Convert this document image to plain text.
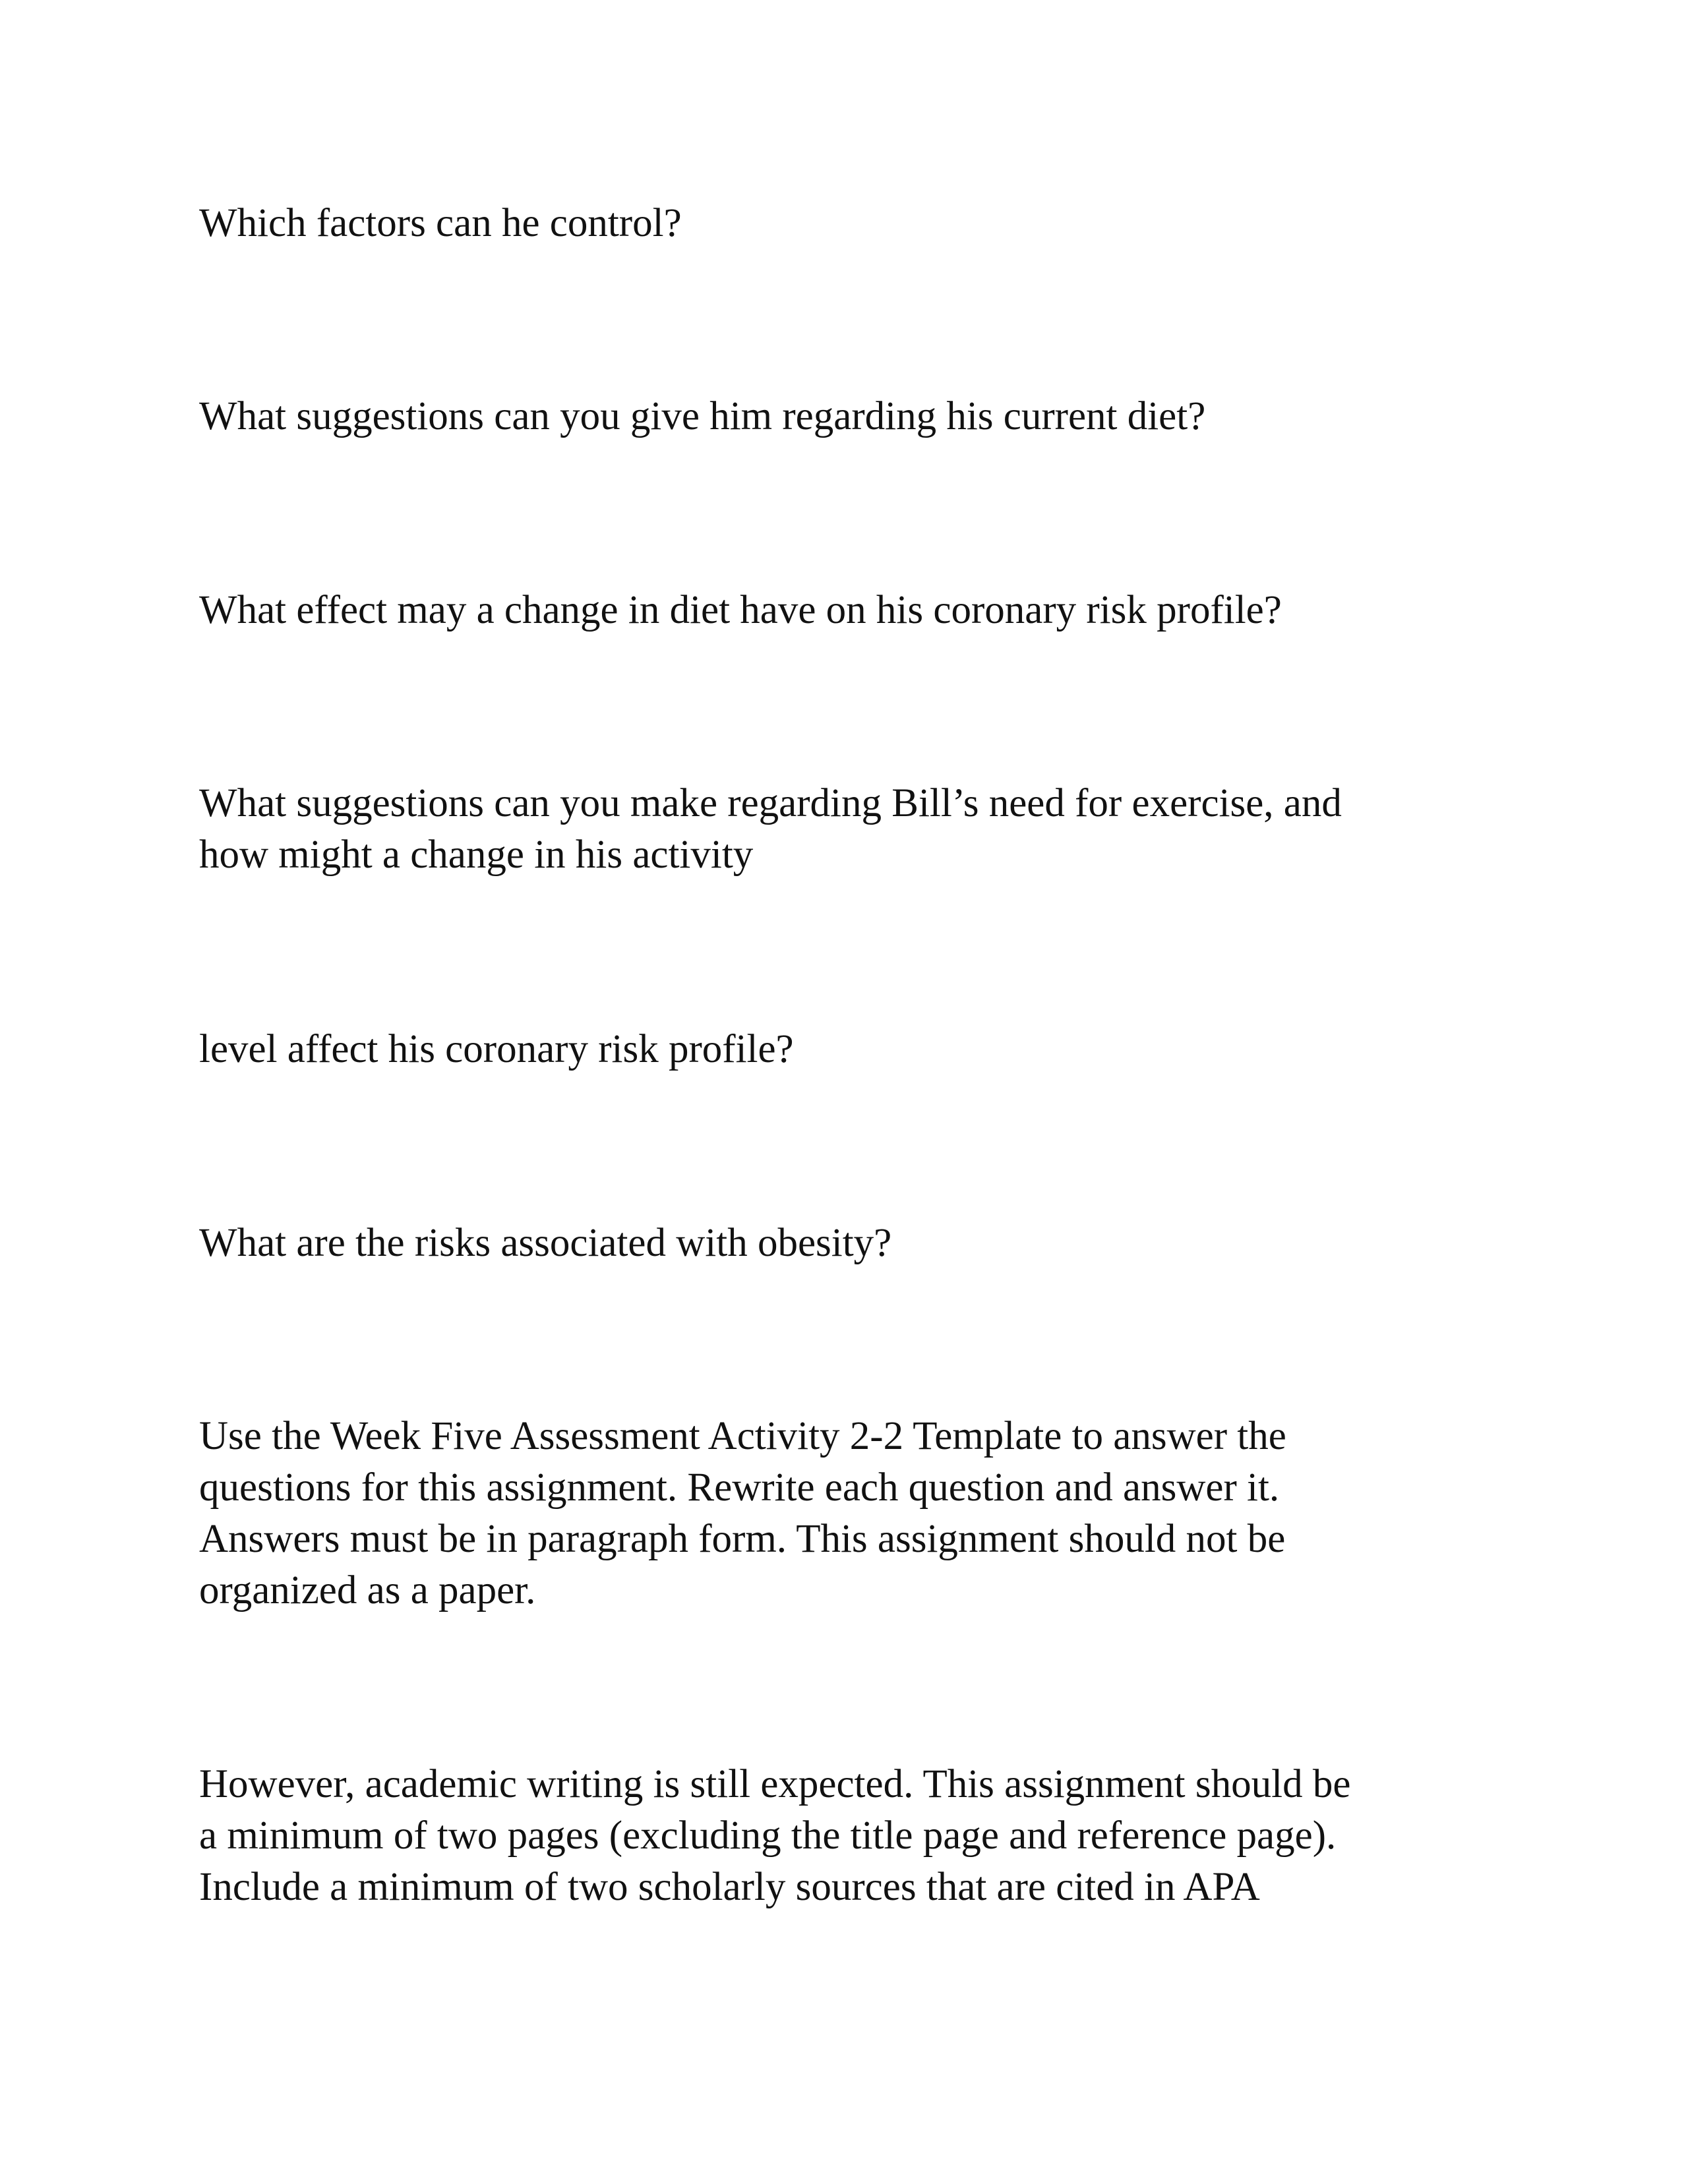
Which factors can he control?

What suggestions can you give him regarding his current diet?

What effect may a change in diet have on his coronary risk profile?

What suggestions can you make regarding Bill’s need for exercise, and
how might a change in his activity

level affect his coronary risk profile?

What are the risks associated with obesity?

Use the Week Five Assessment Activity 2-2 Template to answer the
questions for this assignment. Rewrite each question and answer it.
Answers must be in paragraph form. This assignment should not be
organized as a paper.

However, academic writing is still expected. This assignment should be
a minimum of two pages (excluding the title page and reference page).
Include a minimum of two scholarly sources that are cited in APA
